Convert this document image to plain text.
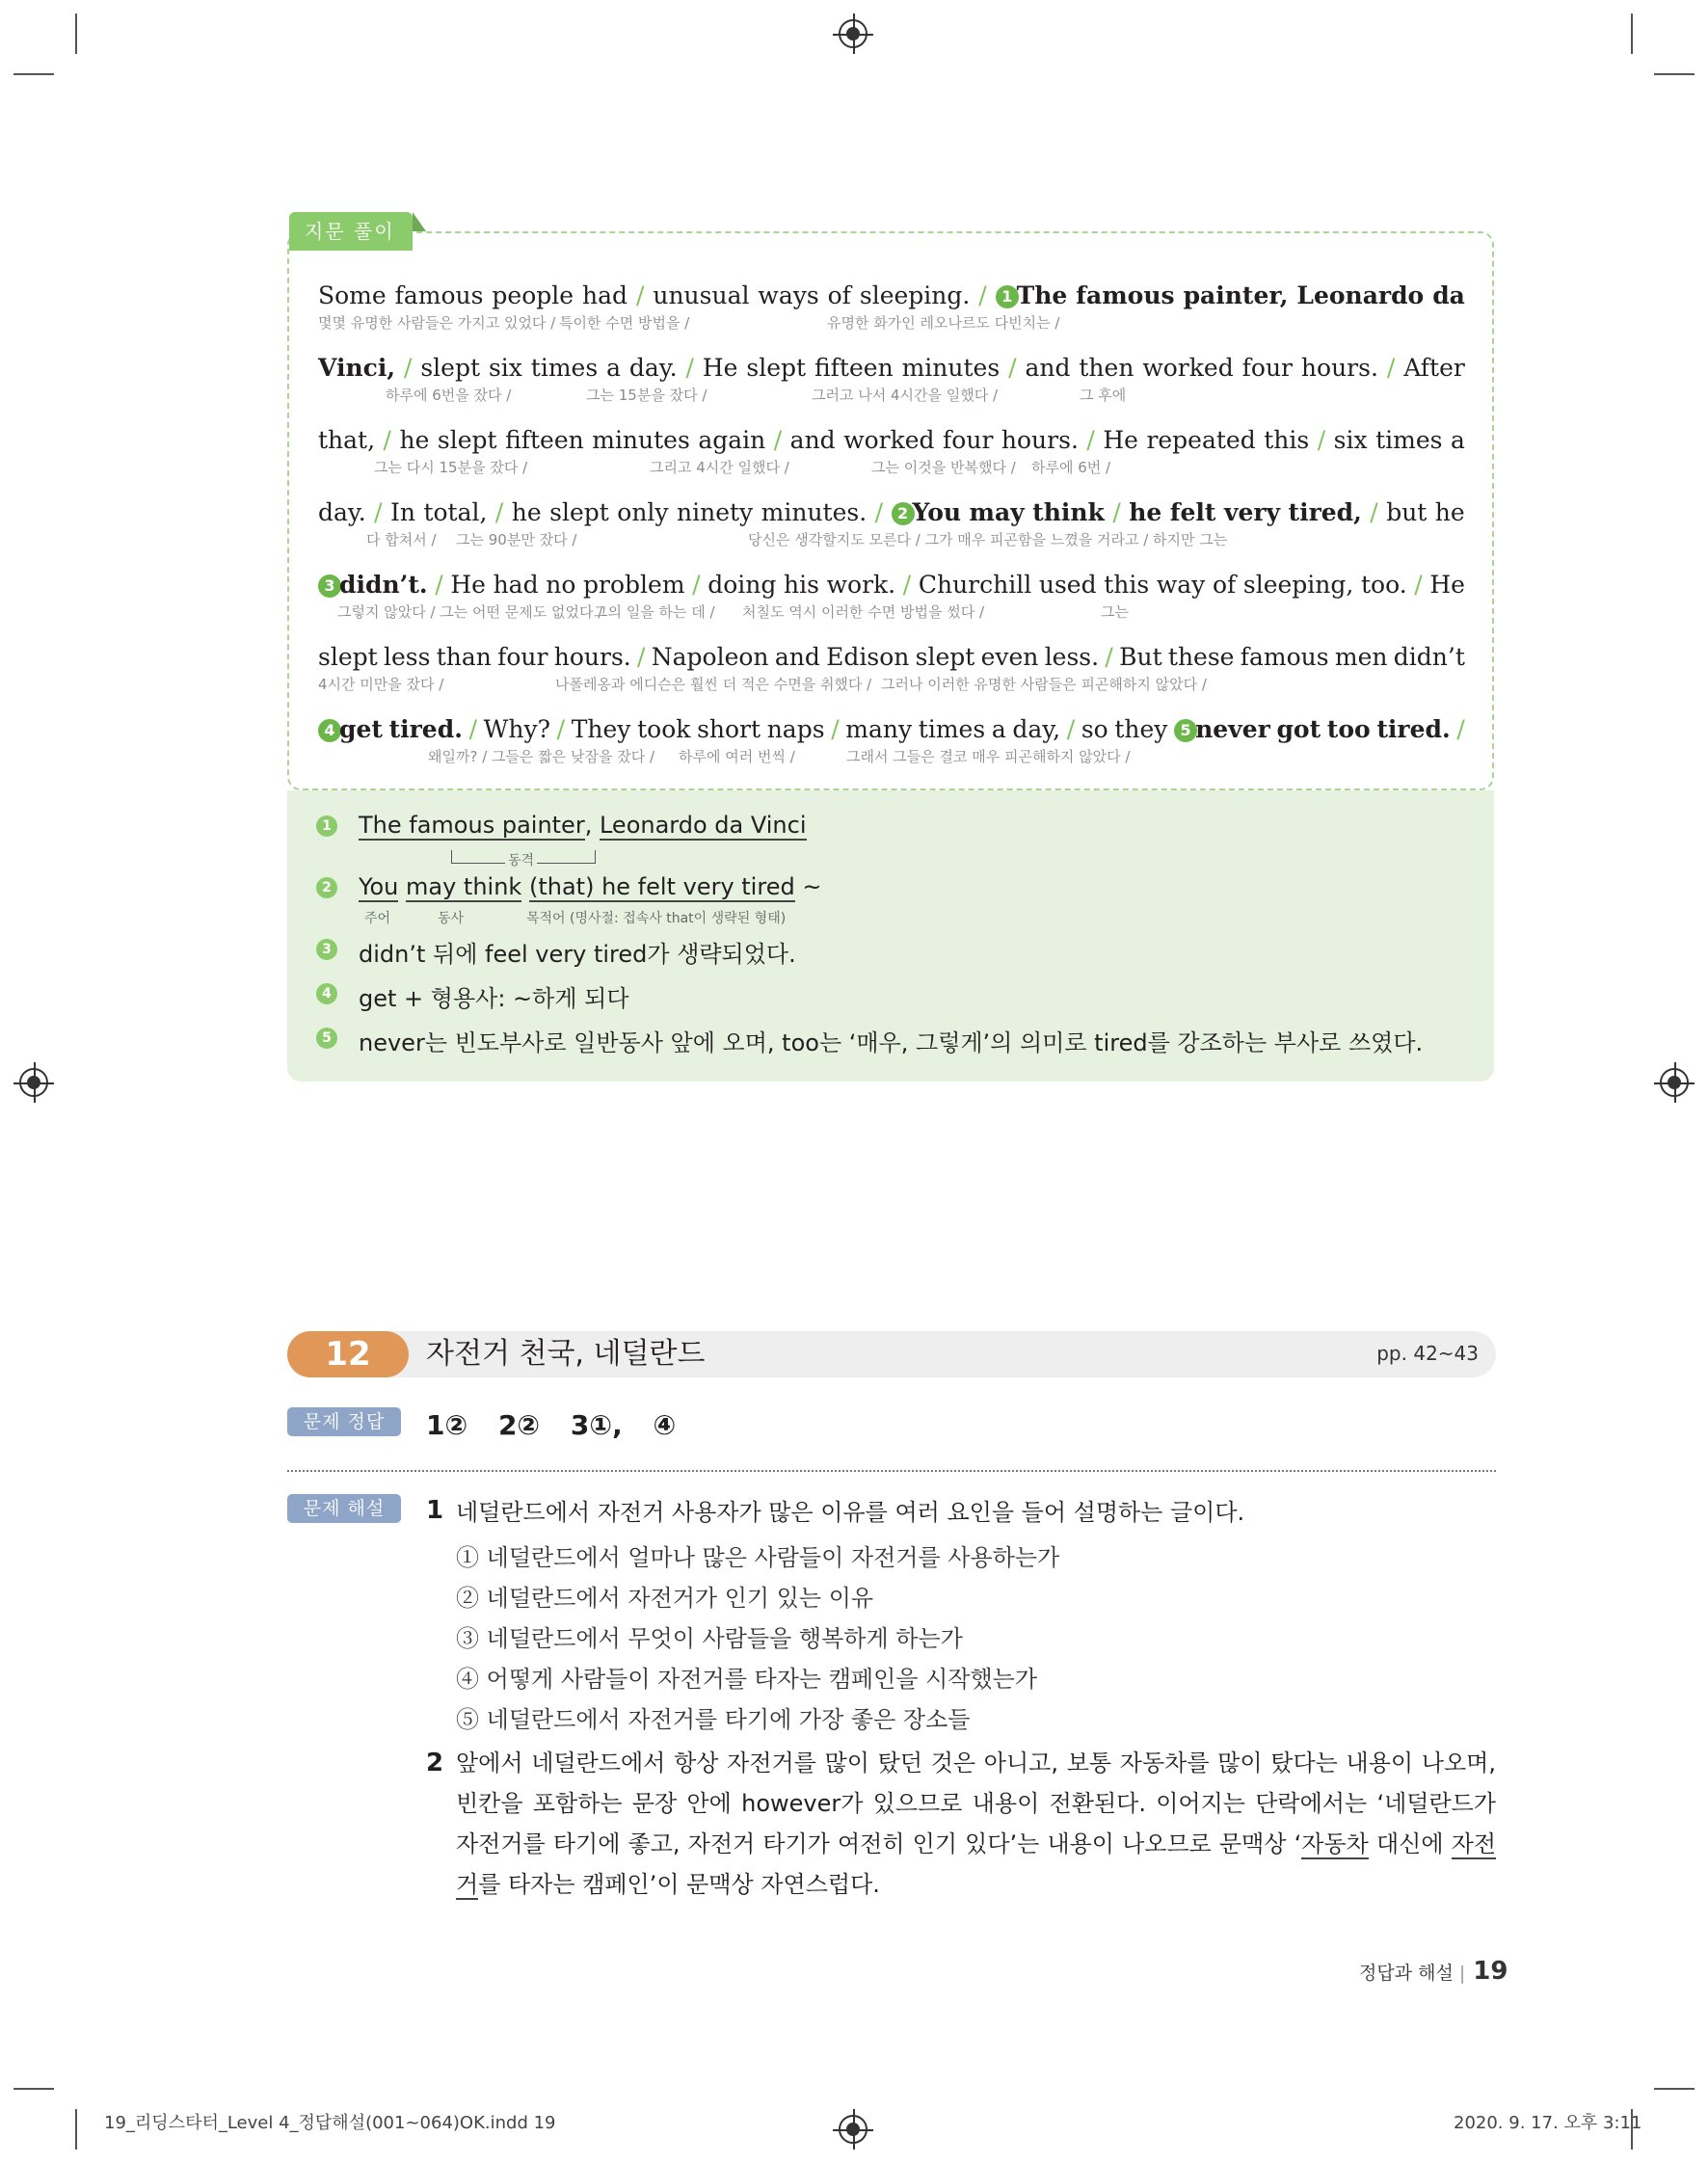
Some famous people had / unusual ways of sleeping. / 1 The famous painter, Leonardo da
몇몇 유명한 사람들은 가지고 있었다 / 특이한 수면 방법을 /	유명한 화가인 레오나르도 다빈치는 /
Vinci, / slept six times a day. / He slept fifteen minutes / and then worked four hours. / After
하루에 6번을 잤다 /	그는 15분을 잤다 /	그러고 나서 4시간을 일했다 /	그 후에
that, / he slept fifteen minutes again / and worked four hours. / He repeated this / six times a
그는 다시 15분을 잤다 /	그리고 4시간 일했다 /	그는 이것을 반복했다 / 하루에 6번 /
day. / In total, / he slept only ninety minutes. / 2 You may think / he felt very tired, / but he
다 합쳐서 / 그는 90분만 잤다 /	당신은 생각할지도 모른다 / 그가 매우 피곤함을 느꼈을 거라고 / 하지만 그는
3 didn’t. / He had no problem / doing his work. / Churchill used this way of sleeping, too. / He
그렇지 않았다 / 그는 어떤 문제도 없었다 /
그의 일을 하는 데 / 처칠도 역시 이러한 수면 방법을 썼다 /	그는
slept less than four hours. / Napoleon and Edison slept even less. / But these famous men didn’t
4시간 미만을 잤다 /	나폴레옹과 에디슨은 훨씬 더 적은 수면을 취했다 / 그러나 이러한 유명한 사람들은 피곤해하지 않았다 /
4 get tired. / Why? / They took short naps / many times a day, / so they 5 never got too tired. /
왜일까? / 그들은 짧은 낮잠을 잤다 / 하루에 여러 번씩 /	그래서 그들은 결코 매우 피곤해하지 않았다 /
지문 풀이
1 The famous painter, Leonardo da Vinci
동격
2 You may think (that) he felt very tired ~
주어	동사	목적어 (명사절: 접속사 that이 생략된 형태)
3 didn’t 뒤에 feel very tired가 생략되었다.
4 get + 형용사: ~하게 되다
5 never는 빈도부사로 일반동사 앞에 오며, too는 ‘매우, 그렇게’의 의미로 tired를 강조하는 부사로 쓰였다.
12	자전거 천국, 네덜란드	pp. 42~43
문제 정답	1② 2② 3①, ④
문제 해설	1 네덜란드에서 자전거 사용자가 많은 이유를 여러 요인을 들어 설명하는 글이다.
① 네덜란드에서 얼마나 많은 사람들이 자전거를 사용하는가
② 네덜란드에서 자전거가 인기 있는 이유
③ 네덜란드에서 무엇이 사람들을 행복하게 하는가
④ 어떻게 사람들이 자전거를 타자는 캠페인을 시작했는가
⑤ 네덜란드에서 자전거를 타기에 가장 좋은 장소들
2 앞에서 네덜란드에서 항상 자전거를 많이 탔던 것은 아니고, 보통 자동차를 많이 탔다는 내용이 나오며, 빈칸을 포함하는 문장 안에 however가 있으므로 내용이 전환된다. 이어지는 단락에서는 ‘네덜란드가 자전거를 타기에 좋고, 자전거 타기가 여전히 인기 있다’는 내용이 나오므로 문맥상 ‘자동차 대신에 자전거를 타자는 캠페인’이 문맥상 자연스럽다.
정답과 해설 | 19
19_리딩스타터_Level 4_정답해설(001~064)OK.indd 19	2020. 9. 17. 오후 3:11
